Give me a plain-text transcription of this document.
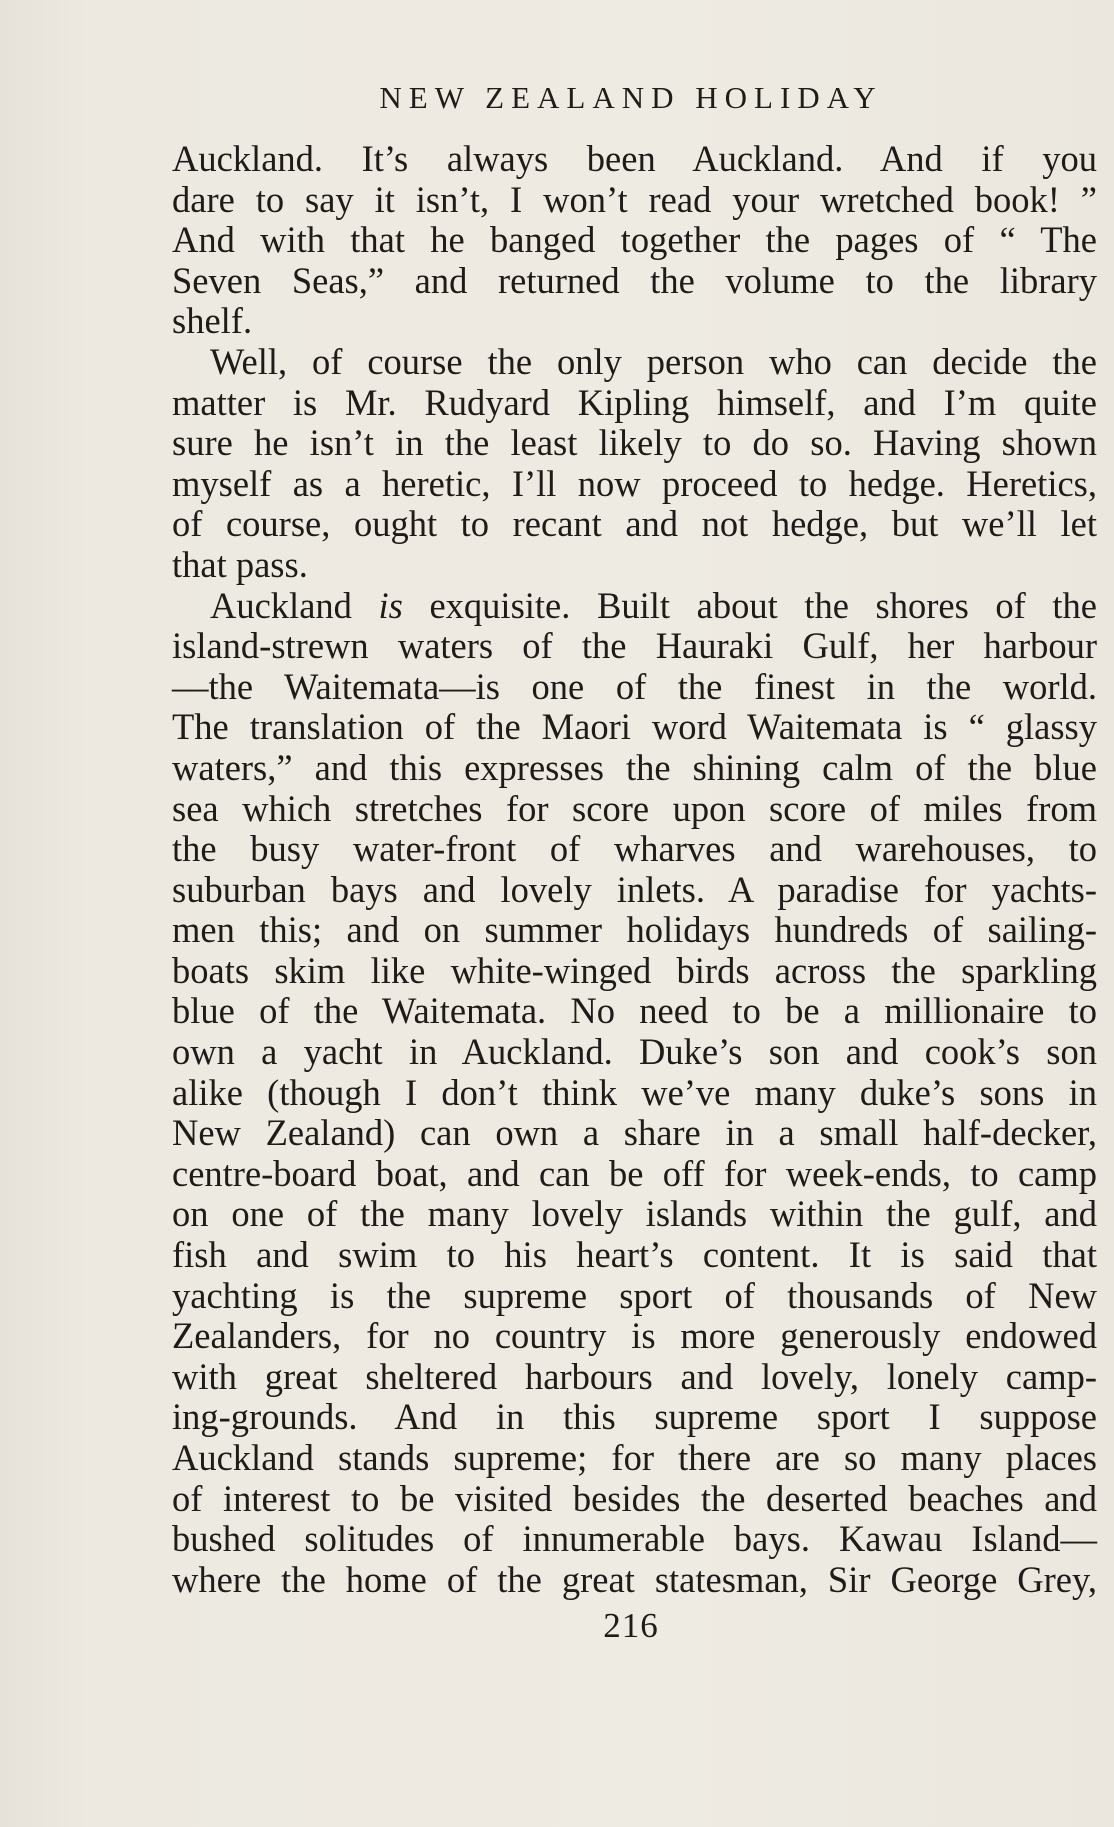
NEW ZEALAND HOLIDAY
Auckland. It’s always been Auckland. And if you
dare to say it isn’t, I won’t read your wretched book! ”
And with that he banged together the pages of “ The
Seven Seas,” and returned the volume to the library
shelf.
Well, of course the only person who can decide the
matter is Mr. Rudyard Kipling himself, and I’m quite
sure he isn’t in the least likely to do so. Having shown
myself as a heretic, I’ll now proceed to hedge. Heretics,
of course, ought to recant and not hedge, but we’ll let
that pass.
Auckland is exquisite. Built about the shores of the
island-strewn waters of the Hauraki Gulf, her harbour
—the Waitemata—is one of the finest in the world.
The translation of the Maori word Waitemata is “ glassy
waters,” and this expresses the shining calm of the blue
sea which stretches for score upon score of miles from
the busy water-front of wharves and warehouses, to
suburban bays and lovely inlets. A paradise for yachts-
men this; and on summer holidays hundreds of sailing-
boats skim like white-winged birds across the sparkling
blue of the Waitemata. No need to be a millionaire to
own a yacht in Auckland. Duke’s son and cook’s son
alike (though I don’t think we’ve many duke’s sons in
New Zealand) can own a share in a small half-decker,
centre-board boat, and can be off for week-ends, to camp
on one of the many lovely islands within the gulf, and
fish and swim to his heart’s content. It is said that
yachting is the supreme sport of thousands of New
Zealanders, for no country is more generously endowed
with great sheltered harbours and lovely, lonely camp-
ing-grounds. And in this supreme sport I suppose
Auckland stands supreme; for there are so many places
of interest to be visited besides the deserted beaches and
bushed solitudes of innumerable bays. Kawau Island—
where the home of the great statesman, Sir George Grey,
216
